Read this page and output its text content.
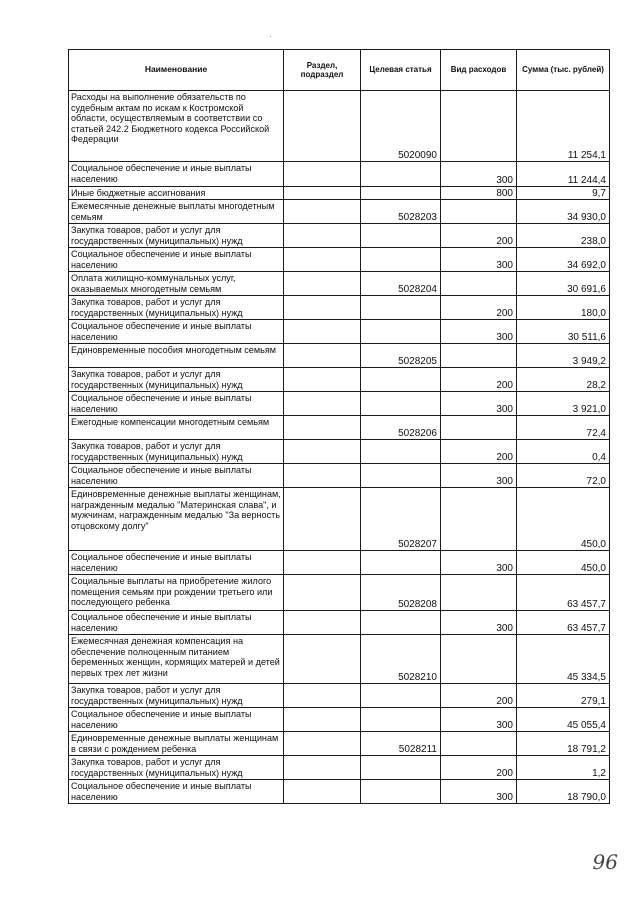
Наименование	Раздел, подраздел	Целевая статья	Вид расходов	Сумма (тыс. рублей)
Расходы на выполнение обязательств по судебным актам по искам к Костромской области, осуществляемым в соответствии со статьей 242.2 Бюджетного кодекса Российской Федерации		5020090		11 254,1
Социальное обеспечение и иные выплаты населению			300	11 244,4
Иные бюджетные ассигнования			800	9,7
Ежемесячные денежные выплаты многодетным семьям		5028203		34 930,0
Закупка товаров, работ и услуг для государственных (муниципальных) нужд			200	238,0
Социальное обеспечение и иные выплаты населению			300	34 692,0
Оплата жилищно-коммунальных услуг, оказываемых многодетным семьям		5028204		30 691,6
Закупка товаров, работ и услуг для государственных (муниципальных) нужд			200	180,0
Социальное обеспечение и иные выплаты населению			300	30 511,6
Единовременные пособия многодетным семьям		5028205		3 949,2
Закупка товаров, работ и услуг для государственных (муниципальных) нужд			200	28,2
Социальное обеспечение и иные выплаты населению			300	3 921,0
Ежегодные компенсации многодетным семьям		5028206		72,4
Закупка товаров, работ и услуг для государственных (муниципальных) нужд			200	0,4
Социальное обеспечение и иные выплаты населению			300	72,0
Единовременные денежные выплаты женщинам, награжденным медалью "Материнская слава", и мужчинам, награжденным медалью "За верность отцовскому долгу"		5028207		450,0
Социальное обеспечение и иные выплаты населению			300	450,0
Социальные выплаты на приобретение жилого помещения семьям при рождении третьего или последующего ребенка		5028208		63 457,7
Социальное обеспечение и иные выплаты населению			300	63 457,7
Ежемесячная денежная компенсация на обеспечение полноценным питанием беременных женщин, кормящих матерей и детей первых трех лет жизни		5028210		45 334,5
Закупка товаров, работ и услуг для государственных (муниципальных) нужд			200	279,1
Социальное обеспечение и иные выплаты населению			300	45 055,4
Единовременные денежные выплаты женщинам в связи с рождением ребенка		5028211		18 791,2
Закупка товаров, работ и услуг для государственных (муниципальных) нужд			200	1,2
Социальное обеспечение и иные выплаты населению			300	18 790,0
96
